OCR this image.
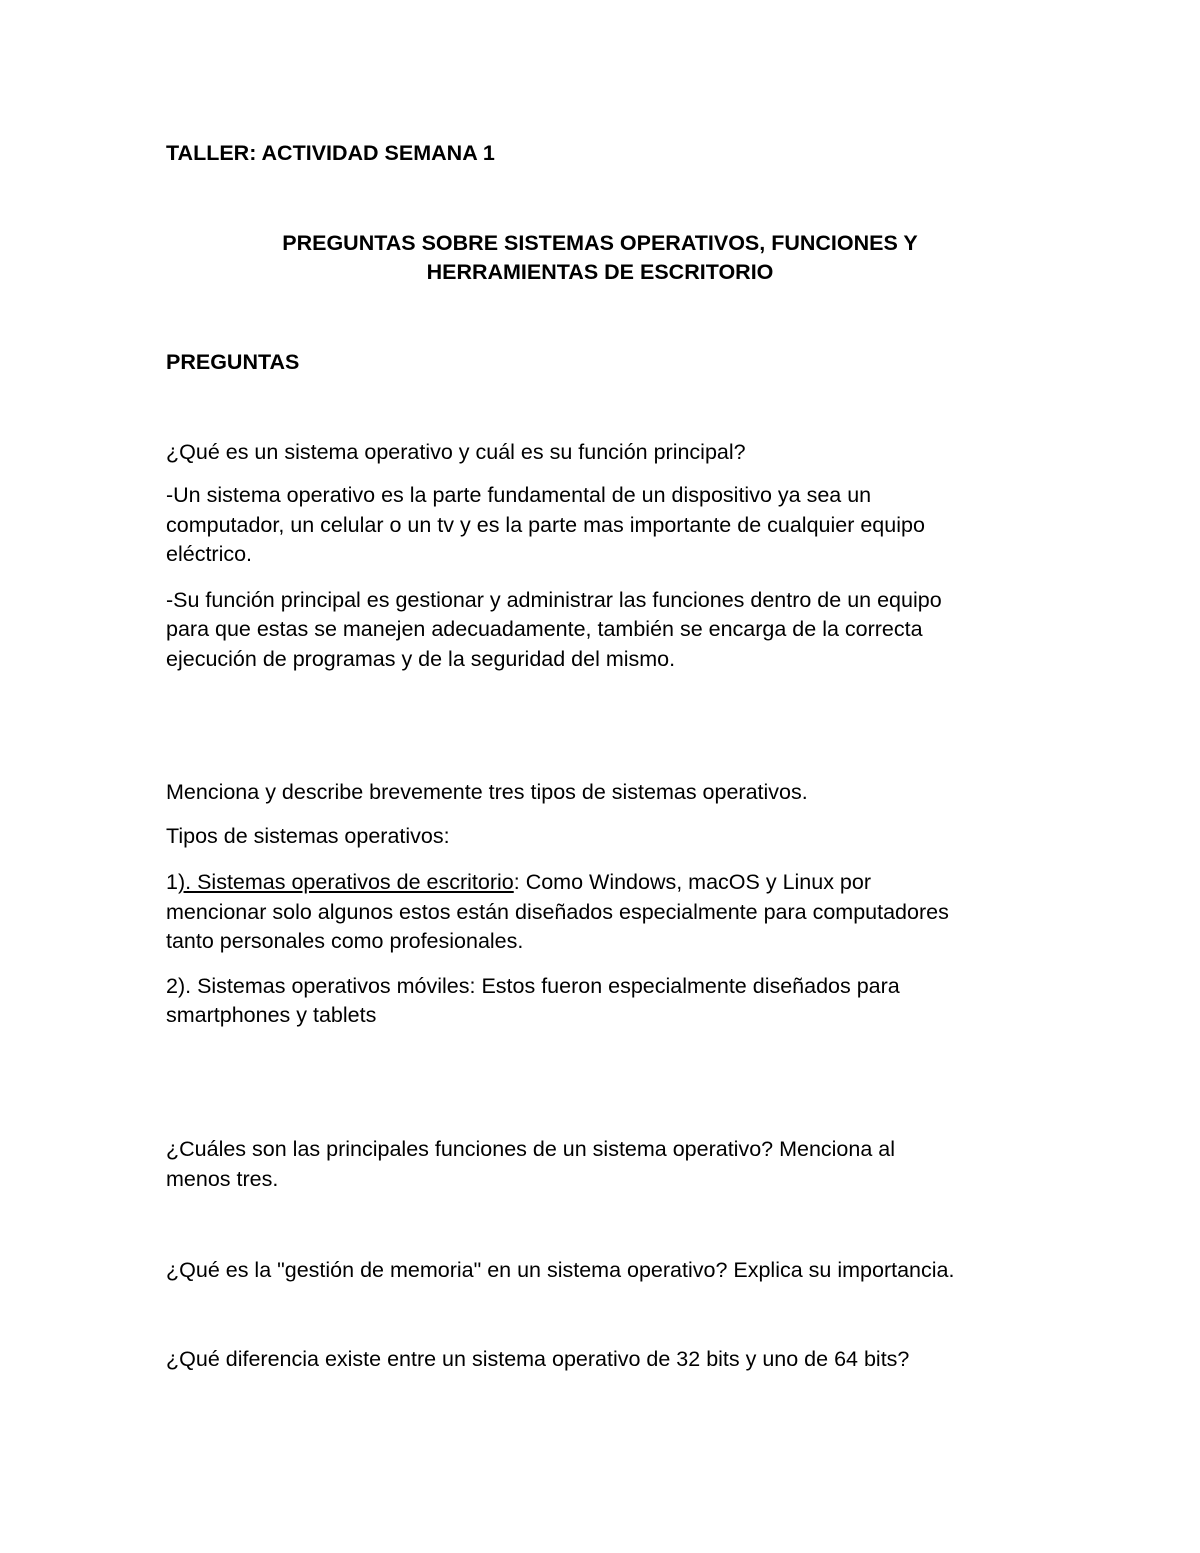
TALLER: ACTIVIDAD SEMANA 1
PREGUNTAS SOBRE SISTEMAS OPERATIVOS, FUNCIONES Y
HERRAMIENTAS DE ESCRITORIO
PREGUNTAS
¿Qué es un sistema operativo y cuál es su función principal?
-Un sistema operativo es la parte fundamental de un dispositivo ya sea un
computador, un celular o un tv y es la parte mas importante de cualquier equipo
eléctrico.
-Su función principal es gestionar y administrar las funciones dentro de un equipo
para que estas se manejen adecuadamente, también se encarga de la correcta
ejecución de programas y de la seguridad del mismo.
Menciona y describe brevemente tres tipos de sistemas operativos.
Tipos de sistemas operativos:
1). Sistemas operativos de escritorio: Como Windows, macOS y Linux por
mencionar solo algunos estos están diseñados especialmente para computadores
tanto personales como profesionales.
2). Sistemas operativos móviles: Estos fueron especialmente diseñados para
smartphones y tablets
¿Cuáles son las principales funciones de un sistema operativo? Menciona al
menos tres.
¿Qué es la "gestión de memoria" en un sistema operativo? Explica su importancia.
¿Qué diferencia existe entre un sistema operativo de 32 bits y uno de 64 bits?
